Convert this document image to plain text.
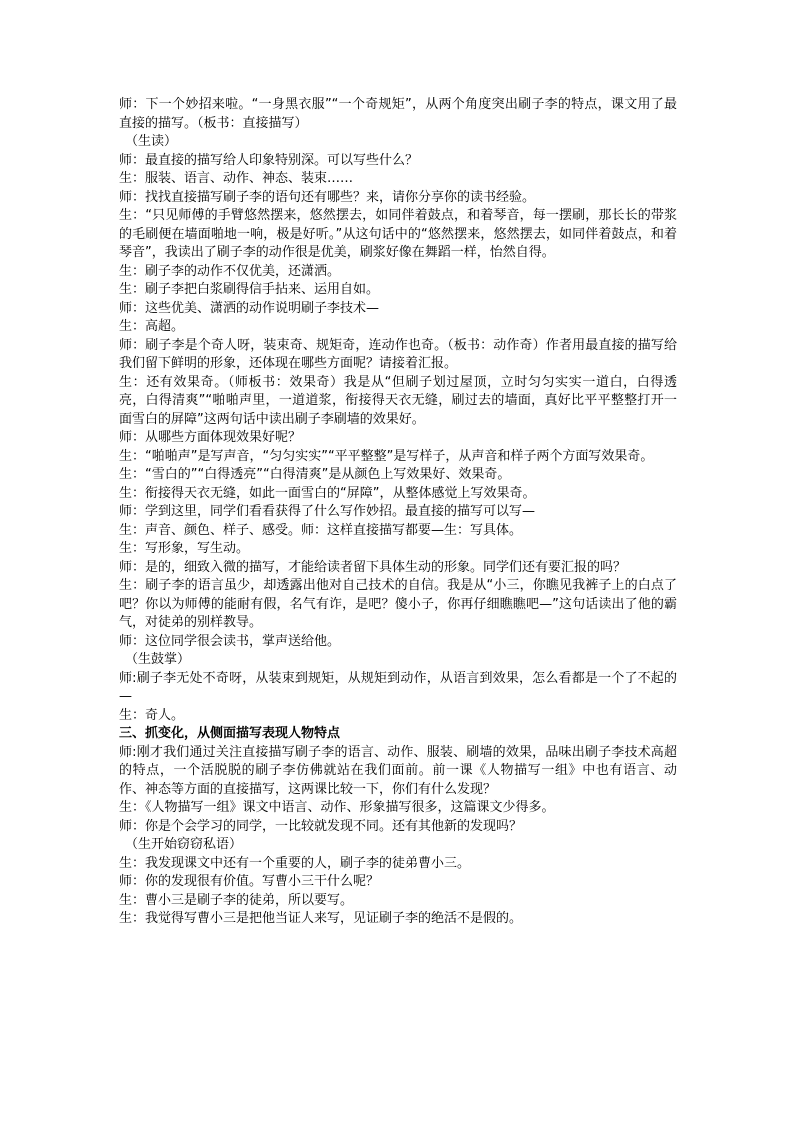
师：下一个妙招来啦。“一身黑衣服”“一个奇规矩”，从两个角度突出刷子李的特点，课文用了最直接的描写。（板书：直接描写）
（生读）
师：最直接的描写给人印象特别深。可以写些什么？
生：服装、语言、动作、神态、装束……
师：找找直接描写刷子李的语句还有哪些？来，请你分享你的读书经验。
生：“只见师傅的手臂悠然摆来，悠然摆去，如同伴着鼓点，和着琴音，每一摆刷，那长长的带浆的毛刷便在墙面啪地一响，极是好听。”从这句话中的“悠然摆来，悠然摆去，如同伴着鼓点，和着琴音”，我读出了刷子李的动作很是优美，刷浆好像在舞蹈一样，怡然自得。
生：刷子李的动作不仅优美，还潇洒。
生：刷子李把白浆刷得信手拈来、运用自如。
师：这些优美、潇洒的动作说明刷子李技术—
生：高超。
师：刷子李是个奇人呀，装束奇、规矩奇，连动作也奇。（板书：动作奇）作者用最直接的描写给我们留下鲜明的形象，还体现在哪些方面呢？请接着汇报。
生：还有效果奇。（师板书：效果奇）我是从“但刷子划过屋顶，立时匀匀实实一道白，白得透亮，白得清爽”“啪啪声里，一道道浆，衔接得天衣无缝，刷过去的墙面，真好比平平整整打开一面雪白的屏障”这两句话中读出刷子李刷墙的效果好。
师：从哪些方面体现效果好呢？
生：“啪啪声”是写声音，“匀匀实实”“平平整整”是写样子，从声音和样子两个方面写效果奇。
生：“雪白的”“白得透亮”“白得清爽”是从颜色上写效果好、效果奇。
生：衔接得天衣无缝，如此一面雪白的“屏障”，从整体感觉上写效果奇。
师：学到这里，同学们看看获得了什么写作妙招。最直接的描写可以写—
生：声音、颜色、样子、感受。师：这样直接描写都要—生：写具体。
生：写形象，写生动。
师：是的，细致入微的描写，才能给读者留下具体生动的形象。同学们还有要汇报的吗？
生：刷子李的语言虽少，却透露出他对自己技术的自信。我是从“小三，你瞧见我裤子上的白点了吧？你以为师傅的能耐有假，名气有诈，是吧？傻小子，你再仔细瞧瞧吧—”这句话读出了他的霸气，对徒弟的别样教导。
师：这位同学很会读书，掌声送给他。
（生鼓掌）
师:刷子李无处不奇呀，从装束到规矩，从规矩到动作，从语言到效果，怎么看都是一个了不起的—
生：奇人。
三、抓变化，从侧面描写表现人物特点
师:刚才我们通过关注直接描写刷子李的语言、动作、服装、刷墙的效果，品味出刷子李技术高超的特点，一个活脱脱的刷子李仿佛就站在我们面前。前一课《人物描写一组》中也有语言、动作、神态等方面的直接描写，这两课比较一下，你们有什么发现？
生：《人物描写一组》课文中语言、动作、形象描写很多，这篇课文少得多。
师：你是个会学习的同学，一比较就发现不同。还有其他新的发现吗？
（生开始窃窃私语）
生：我发现课文中还有一个重要的人，刷子李的徒弟曹小三。
师：你的发现很有价值。写曹小三干什么呢？
生：曹小三是刷子李的徒弟，所以要写。
生：我觉得写曹小三是把他当证人来写，见证刷子李的绝活不是假的。
